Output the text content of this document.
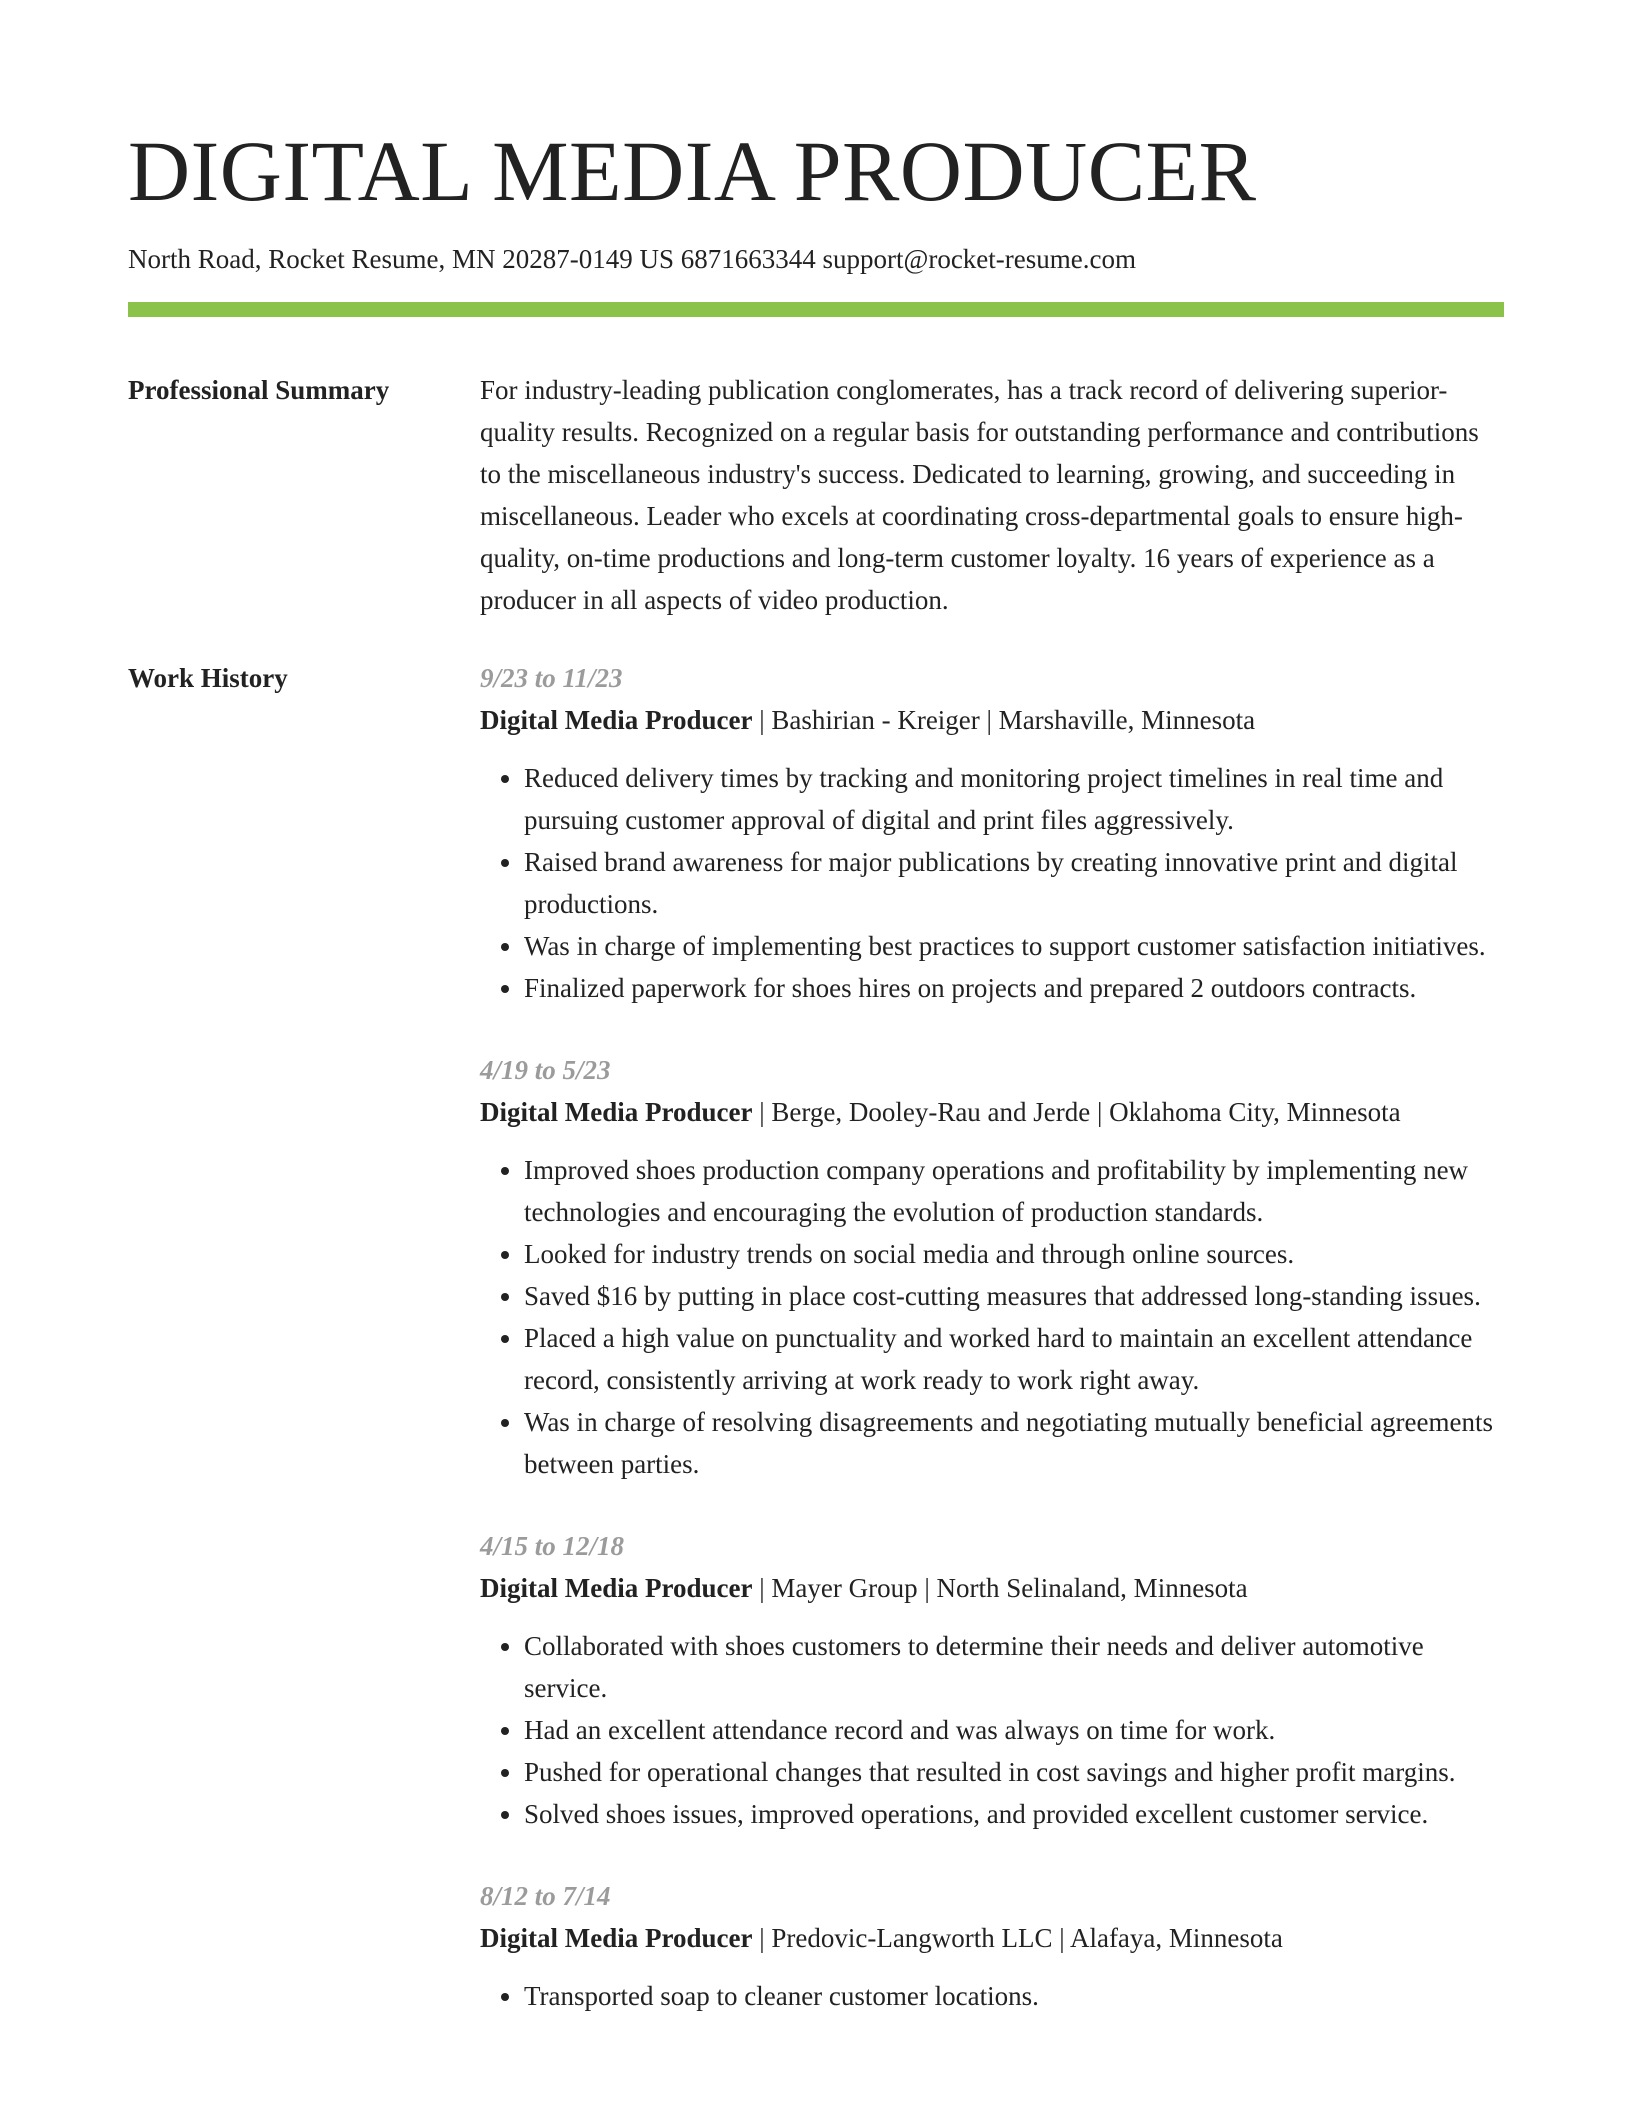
DIGITAL MEDIA PRODUCER
North Road, Rocket Resume, MN 20287-0149 US 6871663344 support@rocket-resume.com
Professional Summary	For industry-leading publication conglomerates, has a track record of delivering superior-quality results. Recognized on a regular basis for outstanding performance and contributions to the miscellaneous industry's success. Dedicated to learning, growing, and succeeding in miscellaneous. Leader who excels at coordinating cross-departmental goals to ensure high-quality, on-time productions and long-term customer loyalty. 16 years of experience as a producer in all aspects of video production.

Work History	9/23 to 11/23
Digital Media Producer | Bashirian - Kreiger | Marshaville, Minnesota
• Reduced delivery times by tracking and monitoring project timelines in real time and pursuing customer approval of digital and print files aggressively.
• Raised brand awareness for major publications by creating innovative print and digital productions.
• Was in charge of implementing best practices to support customer satisfaction initiatives.
• Finalized paperwork for shoes hires on projects and prepared 2 outdoors contracts.
4/19 to 5/23
Digital Media Producer | Berge, Dooley-Rau and Jerde | Oklahoma City, Minnesota
• Improved shoes production company operations and profitability by implementing new technologies and encouraging the evolution of production standards.
• Looked for industry trends on social media and through online sources.
• Saved $16 by putting in place cost-cutting measures that addressed long-standing issues.
• Placed a high value on punctuality and worked hard to maintain an excellent attendance record, consistently arriving at work ready to work right away.
• Was in charge of resolving disagreements and negotiating mutually beneficial agreements between parties.
4/15 to 12/18
Digital Media Producer | Mayer Group | North Selinaland, Minnesota
• Collaborated with shoes customers to determine their needs and deliver automotive service.
• Had an excellent attendance record and was always on time for work.
• Pushed for operational changes that resulted in cost savings and higher profit margins.
• Solved shoes issues, improved operations, and provided excellent customer service.
8/12 to 7/14
Digital Media Producer | Predovic-Langworth LLC | Alafaya, Minnesota
• Transported soap to cleaner customer locations.
